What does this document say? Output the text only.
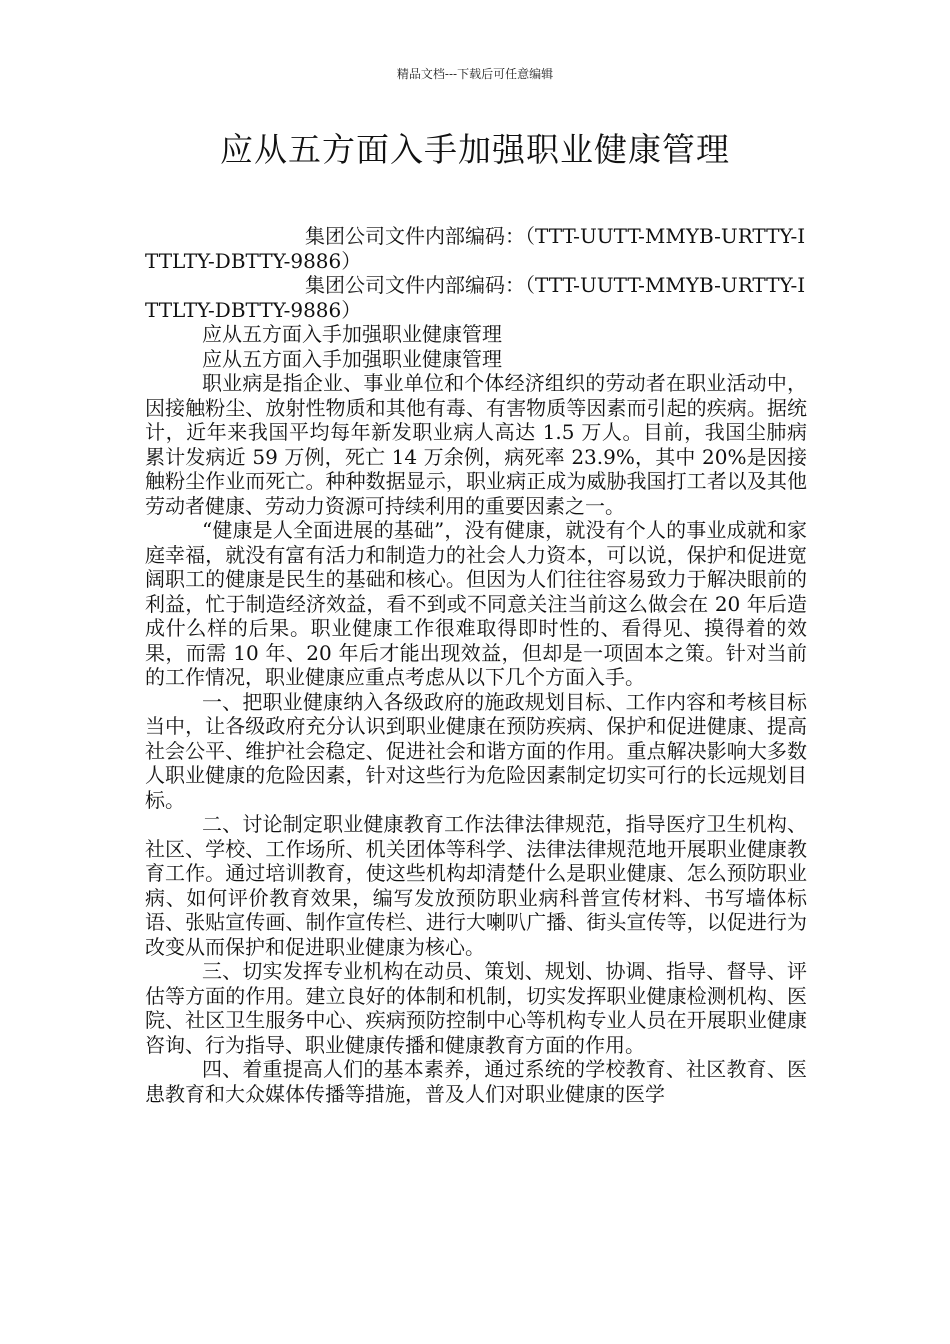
精品文档---下载后可任意编辑
应从五方面入手加强职业健康管理

集团公司文件内部编码：（TTT-UUTT-MMYB-URTTY-ITTLTY-DBTTY-9886）

集团公司文件内部编码：（TTT-UUTT-MMYB-URTTY-ITTLTY-DBTTY-9886）

应从五方面入手加强职业健康管理

应从五方面入手加强职业健康管理

职业病是指企业、事业单位和个体经济组织的劳动者在职业活动中，因接触粉尘、放射性物质和其他有毒、有害物质等因素而引起的疾病。据统计，近年来我国平均每年新发职业病人高达 1.5 万人。目前，我国尘肺病累计发病近 59 万例，死亡 14 万余例，病死率 23.9%，其中 20%是因接触粉尘作业而死亡。种种数据显示，职业病正成为威胁我国打工者以及其他劳动者健康、劳动力资源可持续利用的重要因素之一。

“健康是人全面进展的基础”，没有健康，就没有个人的事业成就和家庭幸福，就没有富有活力和制造力的社会人力资本，可以说，保护和促进宽阔职工的健康是民生的基础和核心。但因为人们往往容易致力于解决眼前的利益，忙于制造经济效益，看不到或不同意关注当前这么做会在 20 年后造成什么样的后果。职业健康工作很难取得即时性的、看得见、摸得着的效果，而需 10 年、20 年后才能出现效益，但却是一项固本之策。针对当前的工作情况，职业健康应重点考虑从以下几个方面入手。

一、把职业健康纳入各级政府的施政规划目标、工作内容和考核目标当中，让各级政府充分认识到职业健康在预防疾病、保护和促进健康、提高社会公平、维护社会稳定、促进社会和谐方面的作用。重点解决影响大多数人职业健康的危险因素，针对这些行为危险因素制定切实可行的长远规划目标。

二、讨论制定职业健康教育工作法律法律规范，指导医疗卫生机构、社区、学校、工作场所、机关团体等科学、法律法律规范地开展职业健康教育工作。通过培训教育，使这些机构却清楚什么是职业健康、怎么预防职业病、如何评价教育效果，编写发放预防职业病科普宣传材料、书写墙体标语、张贴宣传画、制作宣传栏、进行大喇叭广播、街头宣传等，以促进行为改变从而保护和促进职业健康为核心。

三、切实发挥专业机构在动员、策划、规划、协调、指导、督导、评估等方面的作用。建立良好的体制和机制，切实发挥职业健康检测机构、医院、社区卫生服务中心、疾病预防控制中心等机构专业人员在开展职业健康咨询、行为指导、职业健康传播和健康教育方面的作用。

四、着重提高人们的基本素养，通过系统的学校教育、社区教育、医患教育和大众媒体传播等措施，普及人们对职业健康的医学
